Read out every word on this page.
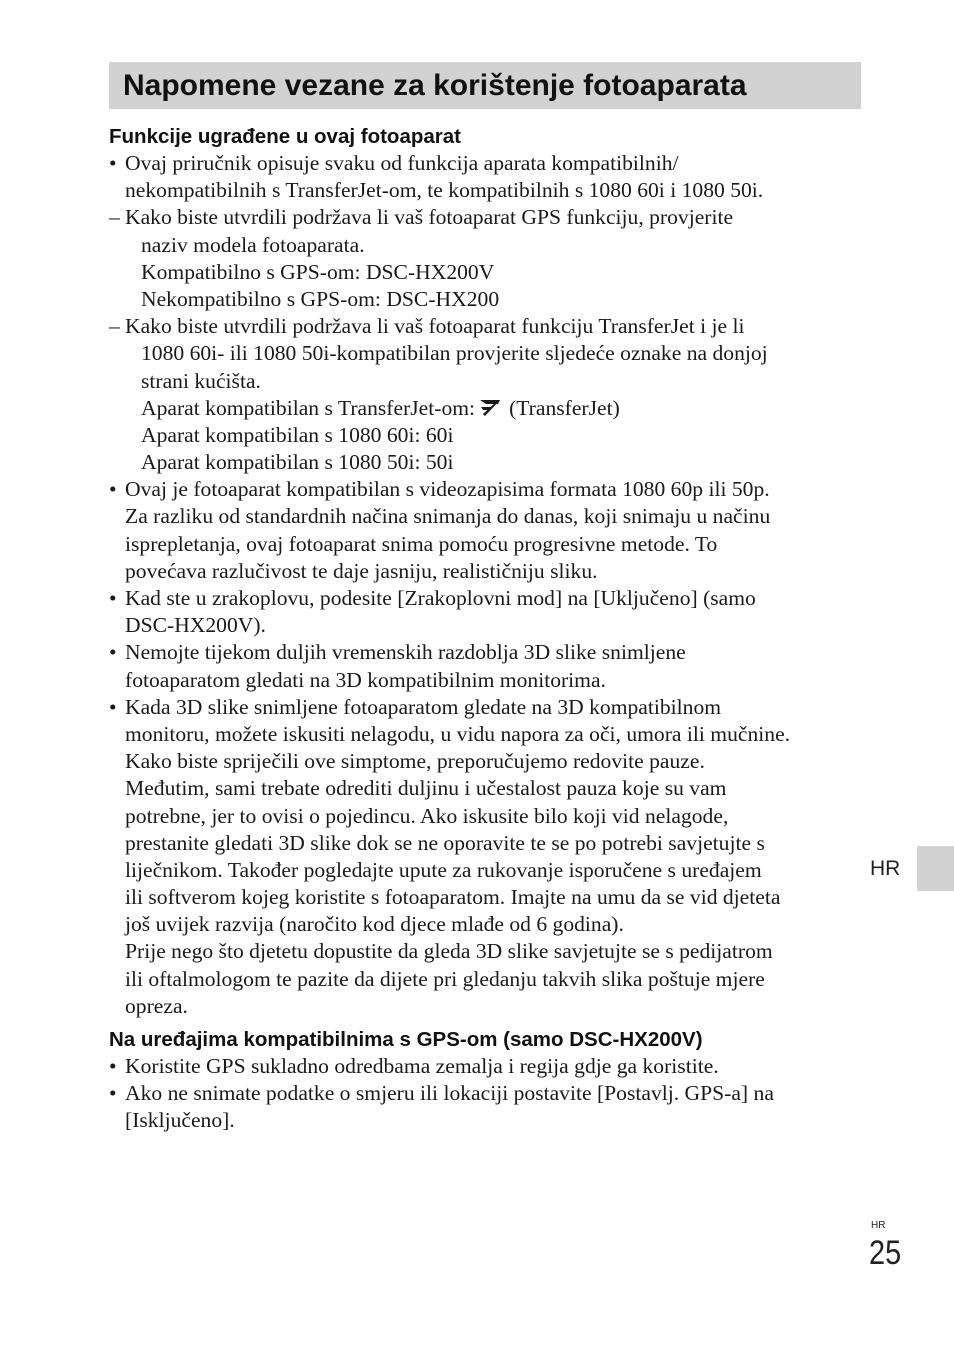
Napomene vezane za korištenje fotoaparata
Funkcije ugrađene u ovaj fotoaparat
• Ovaj priručnik opisuje svaku od funkcija aparata kompatibilnih/
nekompatibilnih s TransferJet-om, te kompatibilnih s 1080 60i i 1080 50i.
– Kako biste utvrdili podržava li vaš fotoaparat GPS funkciju, provjerite
naziv modela fotoaparata.
Kompatibilno s GPS-om: DSC-HX200V
Nekompatibilno s GPS-om: DSC-HX200
– Kako biste utvrdili podržava li vaš fotoaparat funkciju TransferJet i je li
1080 60i- ili 1080 50i-kompatibilan provjerite sljedeće oznake na donjoj
strani kućišta.
Aparat kompatibilan s TransferJet-om: (TransferJet)
Aparat kompatibilan s 1080 60i: 60i
Aparat kompatibilan s 1080 50i: 50i
• Ovaj je fotoaparat kompatibilan s videozapisima formata 1080 60p ili 50p.
Za razliku od standardnih načina snimanja do danas, koji snimaju u načinu
isprepletanja, ovaj fotoaparat snima pomoću progresivne metode. To
povećava razlučivost te daje jasniju, realističniju sliku.
• Kad ste u zrakoplovu, podesite [Zrakoplovni mod] na [Uključeno] (samo
DSC-HX200V).
• Nemojte tijekom duljih vremenskih razdoblja 3D slike snimljene
fotoaparatom gledati na 3D kompatibilnim monitorima.
• Kada 3D slike snimljene fotoaparatom gledate na 3D kompatibilnom
monitoru, možete iskusiti nelagodu, u vidu napora za oči, umora ili mučnine.
Kako biste spriječili ove simptome, preporučujemo redovite pauze.
Međutim, sami trebate odrediti duljinu i učestalost pauza koje su vam
potrebne, jer to ovisi o pojedincu. Ako iskusite bilo koji vid nelagode,
prestanite gledati 3D slike dok se ne oporavite te se po potrebi savjetujte s
liječnikom. Također pogledajte upute za rukovanje isporučene s uređajem
ili softverom kojeg koristite s fotoaparatom. Imajte na umu da se vid djeteta
još uvijek razvija (naročito kod djece mlađe od 6 godina).
Prije nego što djetetu dopustite da gleda 3D slike savjetujte se s pedijatrom
ili oftalmologom te pazite da dijete pri gledanju takvih slika poštuje mjere
opreza.
Na uređajima kompatibilnima s GPS-om (samo DSC-HX200V)
• Koristite GPS sukladno odredbama zemalja i regija gdje ga koristite.
• Ako ne snimate podatke o smjeru ili lokaciji postavite [Postavlj. GPS-a] na
[Isključeno].
HR
HR
25
